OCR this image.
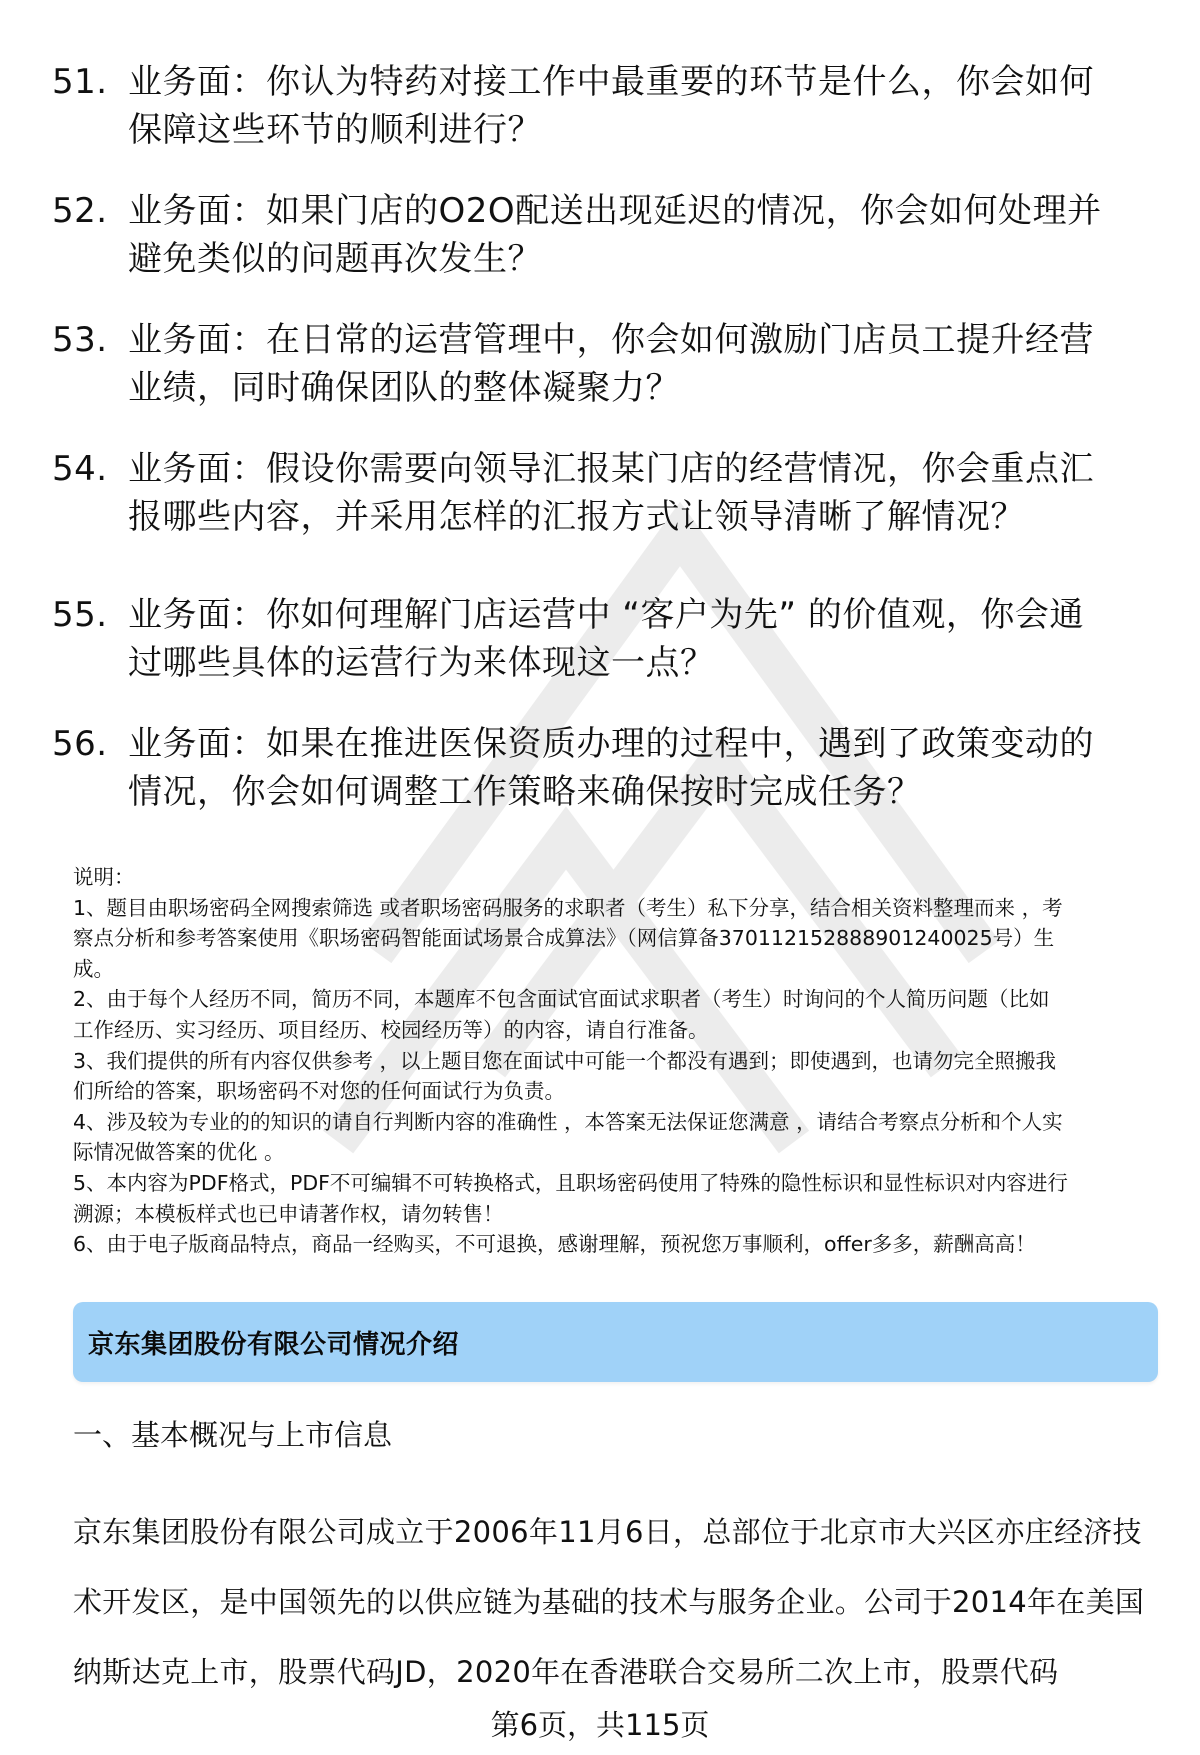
51. 业务面：你认为特药对接工作中最重要的环节是什么，你会如何
保障这些环节的顺利进行？
52. 业务面：如果门店的O2O配送出现延迟的情况，你会如何处理并
避免类似的问题再次发生？
53. 业务面：在日常的运营管理中，你会如何激励门店员工提升经营
业绩，同时确保团队的整体凝聚力？
54. 业务面：假设你需要向领导汇报某门店的经营情况，你会重点汇
报哪些内容，并采用怎样的汇报方式让领导清晰了解情况？
55. 业务面：你如何理解门店运营中 “客户为先” 的价值观，你会通
过哪些具体的运营行为来体现这一点？
56. 业务面：如果在推进医保资质办理的过程中，遇到了政策变动的
情况，你会如何调整工作策略来确保按时完成任务？

说明：

1、题目由职场密码全网搜索筛选 或者职场密码服务的求职者（考生）私下分享，结合相关资料整理而来 ，考

察点分析和参考答案使用《职场密码智能面试场景合成算法》（网信算备370112152888901240025号）生

成。

2、由于每个人经历不同，简历不同，本题库不包含面试官面试求职者（考生）时询问的个人简历问题（比如

工作经历、实习经历、项目经历、校园经历等）的内容，请自行准备。

3、我们提供的所有内容仅供参考 ，以上题目您在面试中可能一个都没有遇到；即使遇到，也请勿完全照搬我

们所给的答案，职场密码不对您的任何面试行为负责。

4、涉及较为专业的的知识的请自行判断内容的准确性 ，本答案无法保证您满意 ，请结合考察点分析和个人实

际情况做答案的优化 。

5、本内容为PDF格式，PDF不可编辑不可转换格式，且职场密码使用了特殊的隐性标识和显性标识对内容进行

溯源；本模板样式也已申请著作权，请勿转售！

6、由于电子版商品特点，商品一经购买，不可退换，感谢理解，预祝您万事顺利，offer多多，薪酬高高！

京东集团股份有限公司情况介绍
一、基本概况与上市信息
京东集团股份有限公司成立于2006年11月6日，总部位于北京市大兴区亦庄经济技
术开发区，是中国领先的以供应链为基础的技术与服务企业。公司于2014年在美国
纳斯达克上市，股票代码JD，2020年在香港联合交易所二次上市，股票代码
第6页，共115页
